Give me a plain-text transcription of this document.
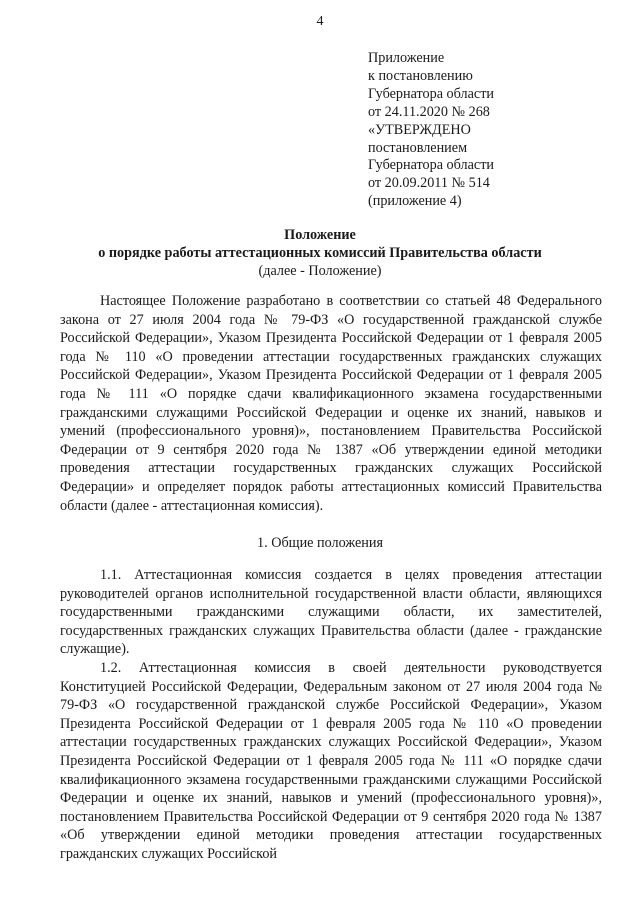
4
Приложение
к постановлению
Губернатора области
от 24.11.2020 № 268
«УТВЕРЖДЕНО
постановлением
Губернатора области
от 20.09.2011 № 514
(приложение 4)
Положение
о порядке работы аттестационных комиссий Правительства области
(далее - Положение)

Настоящее Положение разработано в соответствии со статьей 48 Федерального закона от 27 июля 2004 года № 79-ФЗ «О государственной гражданской службе Российской Федерации», Указом Президента Российской Федерации от 1 февраля 2005 года № 110 «О проведении аттестации государственных гражданских служащих Российской Федерации», Указом Президента Российской Федерации от 1 февраля 2005 года № 111 «О порядке сдачи квалификационного экзамена государственными гражданскими служащими Российской Федерации и оценке их знаний, навыков и умений (профессионального уровня)», постановлением Правительства Российской Федерации от 9 сентября 2020 года № 1387 «Об утверждении единой методики проведения аттестации государственных гражданских служащих Российской Федерации» и определяет порядок работы аттестационных комиссий Правительства области (далее - аттестационная комиссия).

1. Общие положения

1.1. Аттестационная комиссия создается в целях проведения аттестации руководителей органов исполнительной государственной власти области, являющихся государственными гражданскими служащими области, их заместителей, государственных гражданских служащих Правительства области (далее - гражданские служащие).

1.2. Аттестационная комиссия в своей деятельности руководствуется Конституцией Российской Федерации, Федеральным законом от 27 июля 2004 года № 79-ФЗ «О государственной гражданской службе Российской Федерации», Указом Президента Российской Федерации от 1 февраля 2005 года № 110 «О проведении аттестации государственных гражданских служащих Российской Федерации», Указом Президента Российской Федерации от 1 февраля 2005 года № 111 «О порядке сдачи квалификационного экзамена государственными гражданскими служащими Российской Федерации и оценке их знаний, навыков и умений (профессионального уровня)», постановлением Правительства Российской Федерации от 9 сентября 2020 года № 1387 «Об утверждении единой методики проведения аттестации государственных гражданских служащих Российской
